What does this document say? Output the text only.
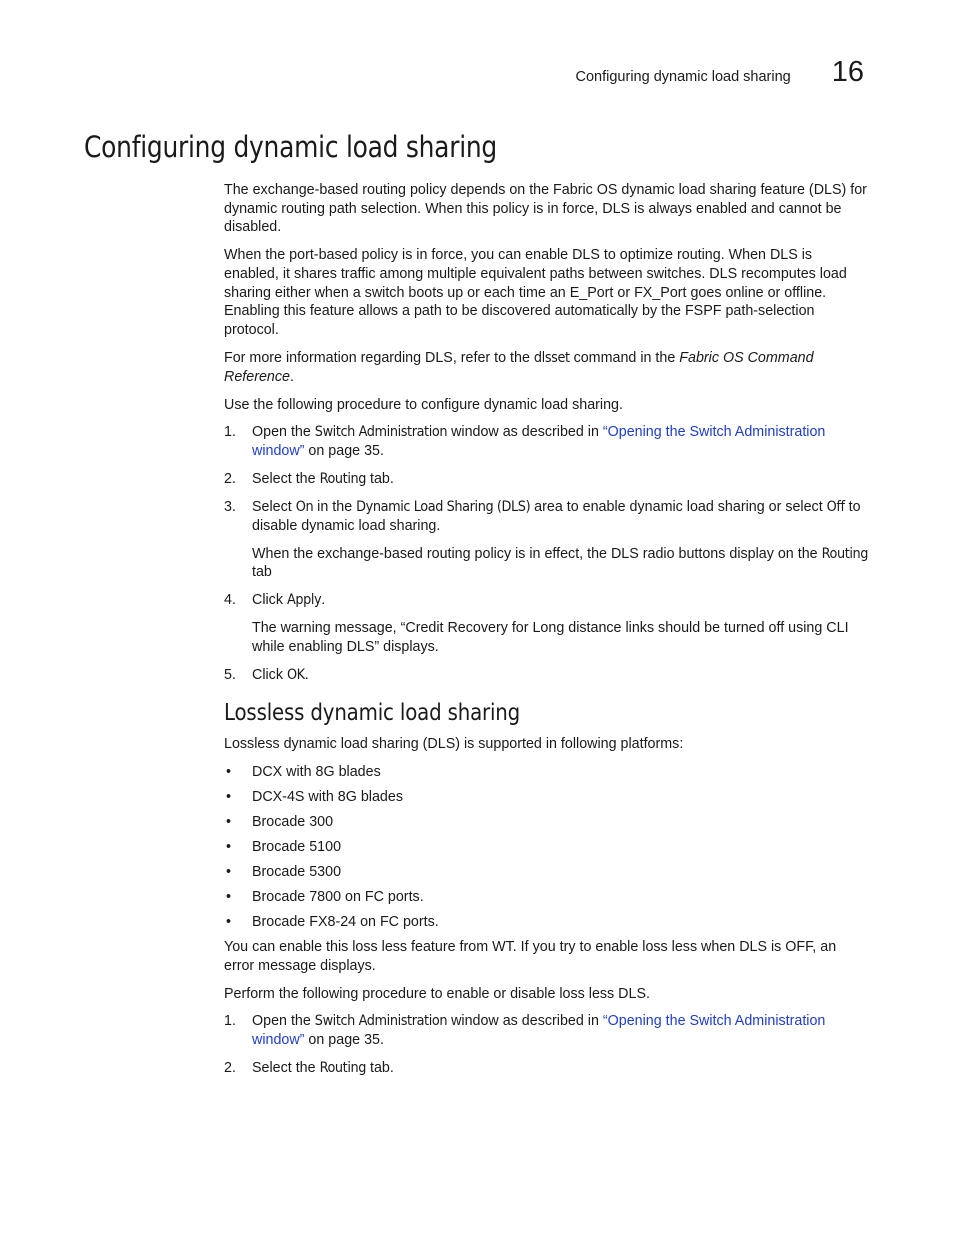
Configuring dynamic load sharing 16
Configuring dynamic load sharing

The exchange-based routing policy depends on the Fabric OS dynamic load sharing feature (DLS) for dynamic routing path selection. When this policy is in force, DLS is always enabled and cannot be disabled.

When the port-based policy is in force, you can enable DLS to optimize routing. When DLS is enabled, it shares traffic among multiple equivalent paths between switches. DLS recomputes load sharing either when a switch boots up or each time an E_Port or FX_Port goes online or offline. Enabling this feature allows a path to be discovered automatically by the FSPF path-selection protocol.

For more information regarding DLS, refer to the dlsset command in the Fabric OS Command Reference.

Use the following procedure to configure dynamic load sharing.

1. Open the Switch Administration window as described in “Opening the Switch Administration window” on page 35.
2. Select the Routing tab.
3. Select On in the Dynamic Load Sharing (DLS) area to enable dynamic load sharing or select Off to disable dynamic load sharing.

When the exchange-based routing policy is in effect, the DLS radio buttons display on the Routing tab

4. Click Apply.

The warning message, “Credit Recovery for Long distance links should be turned off using CLI while enabling DLS” displays.

5. Click OK.
Lossless dynamic load sharing

Lossless dynamic load sharing (DLS) is supported in following platforms:

• DCX with 8G blades
• DCX-4S with 8G blades
• Brocade 300
• Brocade 5100
• Brocade 5300
• Brocade 7800 on FC ports.
• Brocade FX8-24 on FC ports.

You can enable this loss less feature from WT. If you try to enable loss less when DLS is OFF, an error message displays.

Perform the following procedure to enable or disable loss less DLS.

1. Open the Switch Administration window as described in “Opening the Switch Administration window” on page 35.
2. Select the Routing tab.
